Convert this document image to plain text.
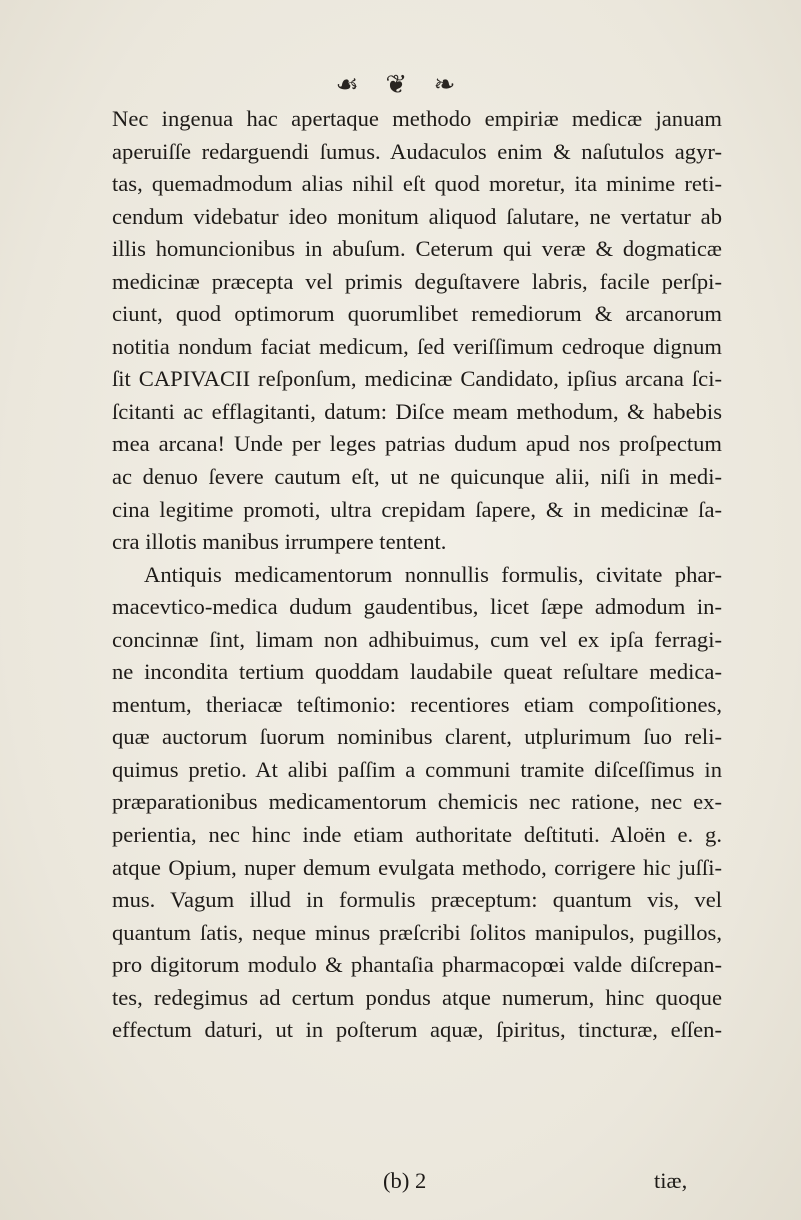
☙ ❦ ❧
Nec ingenua hac apertaque methodo empiriæ medicæ januam
aperuiſſe redarguendi ſumus. Audaculos enim & naſutulos agyr-
tas, quemadmodum alias nihil eſt quod moretur, ita minime reti-
cendum videbatur ideo monitum aliquod ſalutare, ne vertatur ab
illis homuncionibus in abuſum. Ceterum qui veræ & dogmaticæ
medicinæ præcepta vel primis deguſtavere labris, facile perſpi-
ciunt, quod optimorum quorumlibet remediorum & arcanorum
notitia nondum faciat medicum, ſed veriſſimum cedroque dignum
ſit CAPIVACII reſponſum, medicinæ Candidato, ipſius arcana ſci-
ſcitanti ac efflagitanti, datum: Diſce meam methodum, & habebis
mea arcana! Unde per leges patrias dudum apud nos proſpectum
ac denuo ſevere cautum eſt, ut ne quicunque alii, niſi in medi-
cina legitime promoti, ultra crepidam ſapere, & in medicinæ ſa-
cra illotis manibus irrumpere tentent.
Antiquis medicamentorum nonnullis formulis, civitate phar-
macevtico-medica dudum gaudentibus, licet ſæpe admodum in-
concinnæ ſint, limam non adhibuimus, cum vel ex ipſa ferragi-
ne incondita tertium quoddam laudabile queat reſultare medica-
mentum, theriacæ teſtimonio: recentiores etiam compoſitiones,
quæ auctorum ſuorum nominibus clarent, utplurimum ſuo reli-
quimus pretio. At alibi paſſim a communi tramite diſceſſimus in
præparationibus medicamentorum chemicis nec ratione, nec ex-
perientia, nec hinc inde etiam authoritate deſtituti. Aloën e. g.
atque Opium, nuper demum evulgata methodo, corrigere hic juſſi-
mus. Vagum illud in formulis præceptum: quantum vis, vel
quantum ſatis, neque minus præſcribi ſolitos manipulos, pugillos,
pro digitorum modulo & phantaſia pharmacopœi valde diſcrepan-
tes, redegimus ad certum pondus atque numerum, hinc quoque
effectum daturi, ut in poſterum aquæ, ſpiritus, tincturæ, eſſen-
(b) 2	tiæ,
